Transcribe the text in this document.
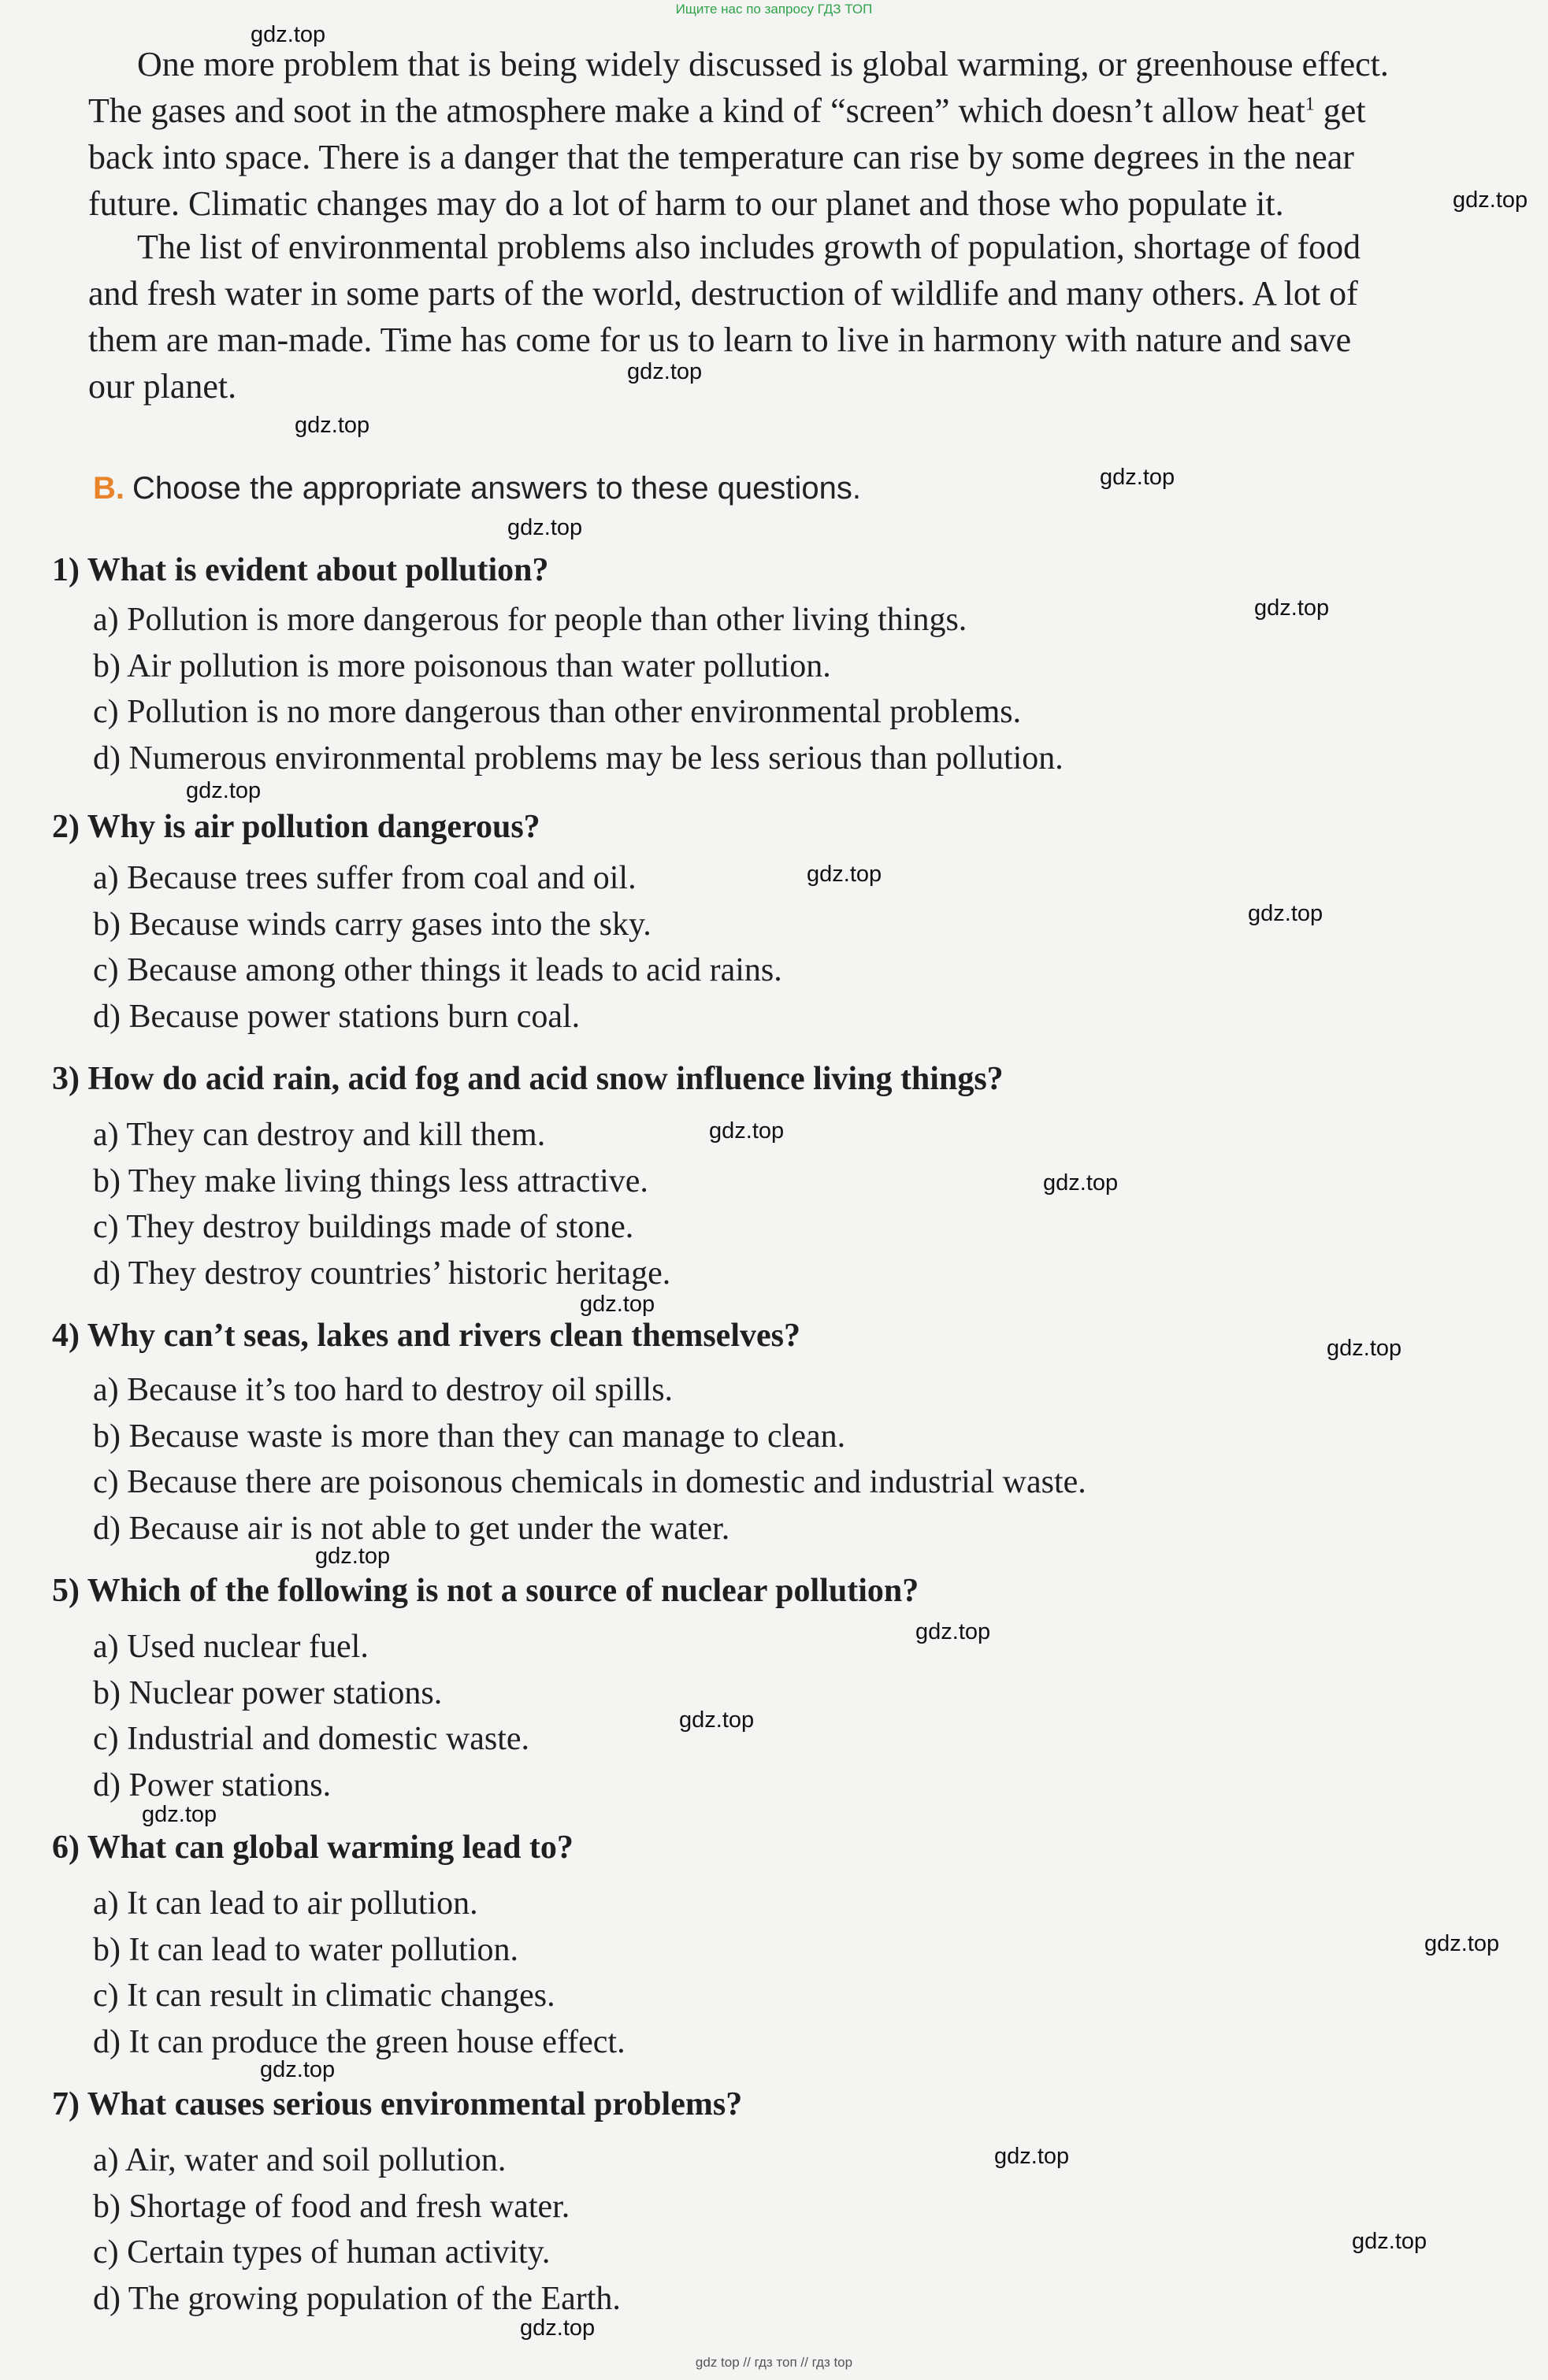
Ищите нас по запросу ГДЗ ТОП
One more problem that is being widely discussed is global warming, or greenhouse effect.
The gases and soot in the atmosphere make a kind of “screen” which doesn’t allow heat$^1$ get
back into space. There is a danger that the temperature can rise by some degrees in the near
future. Climatic changes may do a lot of harm to our planet and those who populate it.
The list of environmental problems also includes growth of population, shortage of food
and fresh water in some parts of the world, destruction of wildlife and many others. A lot of
them are man-made. Time has come for us to learn to live in harmony with nature and save
our planet.
B. Choose the appropriate answers to these questions.

1) What is evident about pollution?

a) Pollution is more dangerous for people than other living things.
b) Air pollution is more poisonous than water pollution.
c) Pollution is no more dangerous than other environmental problems.
d) Numerous environmental problems may be less serious than pollution.

2) Why is air pollution dangerous?

a) Because trees suffer from coal and oil.
b) Because winds carry gases into the sky.
c) Because among other things it leads to acid rains.
d) Because power stations burn coal.

3) How do acid rain, acid fog and acid snow influence living things?

a) They can destroy and kill them.
b) They make living things less attractive.
c) They destroy buildings made of stone.
d) They destroy countries’ historic heritage.

4) Why can’t seas, lakes and rivers clean themselves?

a) Because it’s too hard to destroy oil spills.
b) Because waste is more than they can manage to clean.
c) Because there are poisonous chemicals in domestic and industrial waste.
d) Because air is not able to get under the water.

5) Which of the following is not a source of nuclear pollution?

a) Used nuclear fuel.
b) Nuclear power stations.
c) Industrial and domestic waste.
d) Power stations.

6) What can global warming lead to?

a) It can lead to air pollution.
b) It can lead to water pollution.
c) It can result in climatic changes.
d) It can produce the green house effect.

7) What causes serious environmental problems?

a) Air, water and soil pollution.
b) Shortage of food and fresh water.
c) Certain types of human activity.
d) The growing population of the Earth.
gdz.top
gdz.top
gdz.top
gdz.top
gdz.top
gdz.top
gdz.top
gdz.top
gdz.top
gdz.top
gdz.top
gdz.top
gdz.top
gdz.top
gdz.top
gdz.top
gdz.top
gdz.top
gdz.top
gdz.top
gdz.top
gdz.top
gdz.top
gdz top // гдз топ // гдз top
